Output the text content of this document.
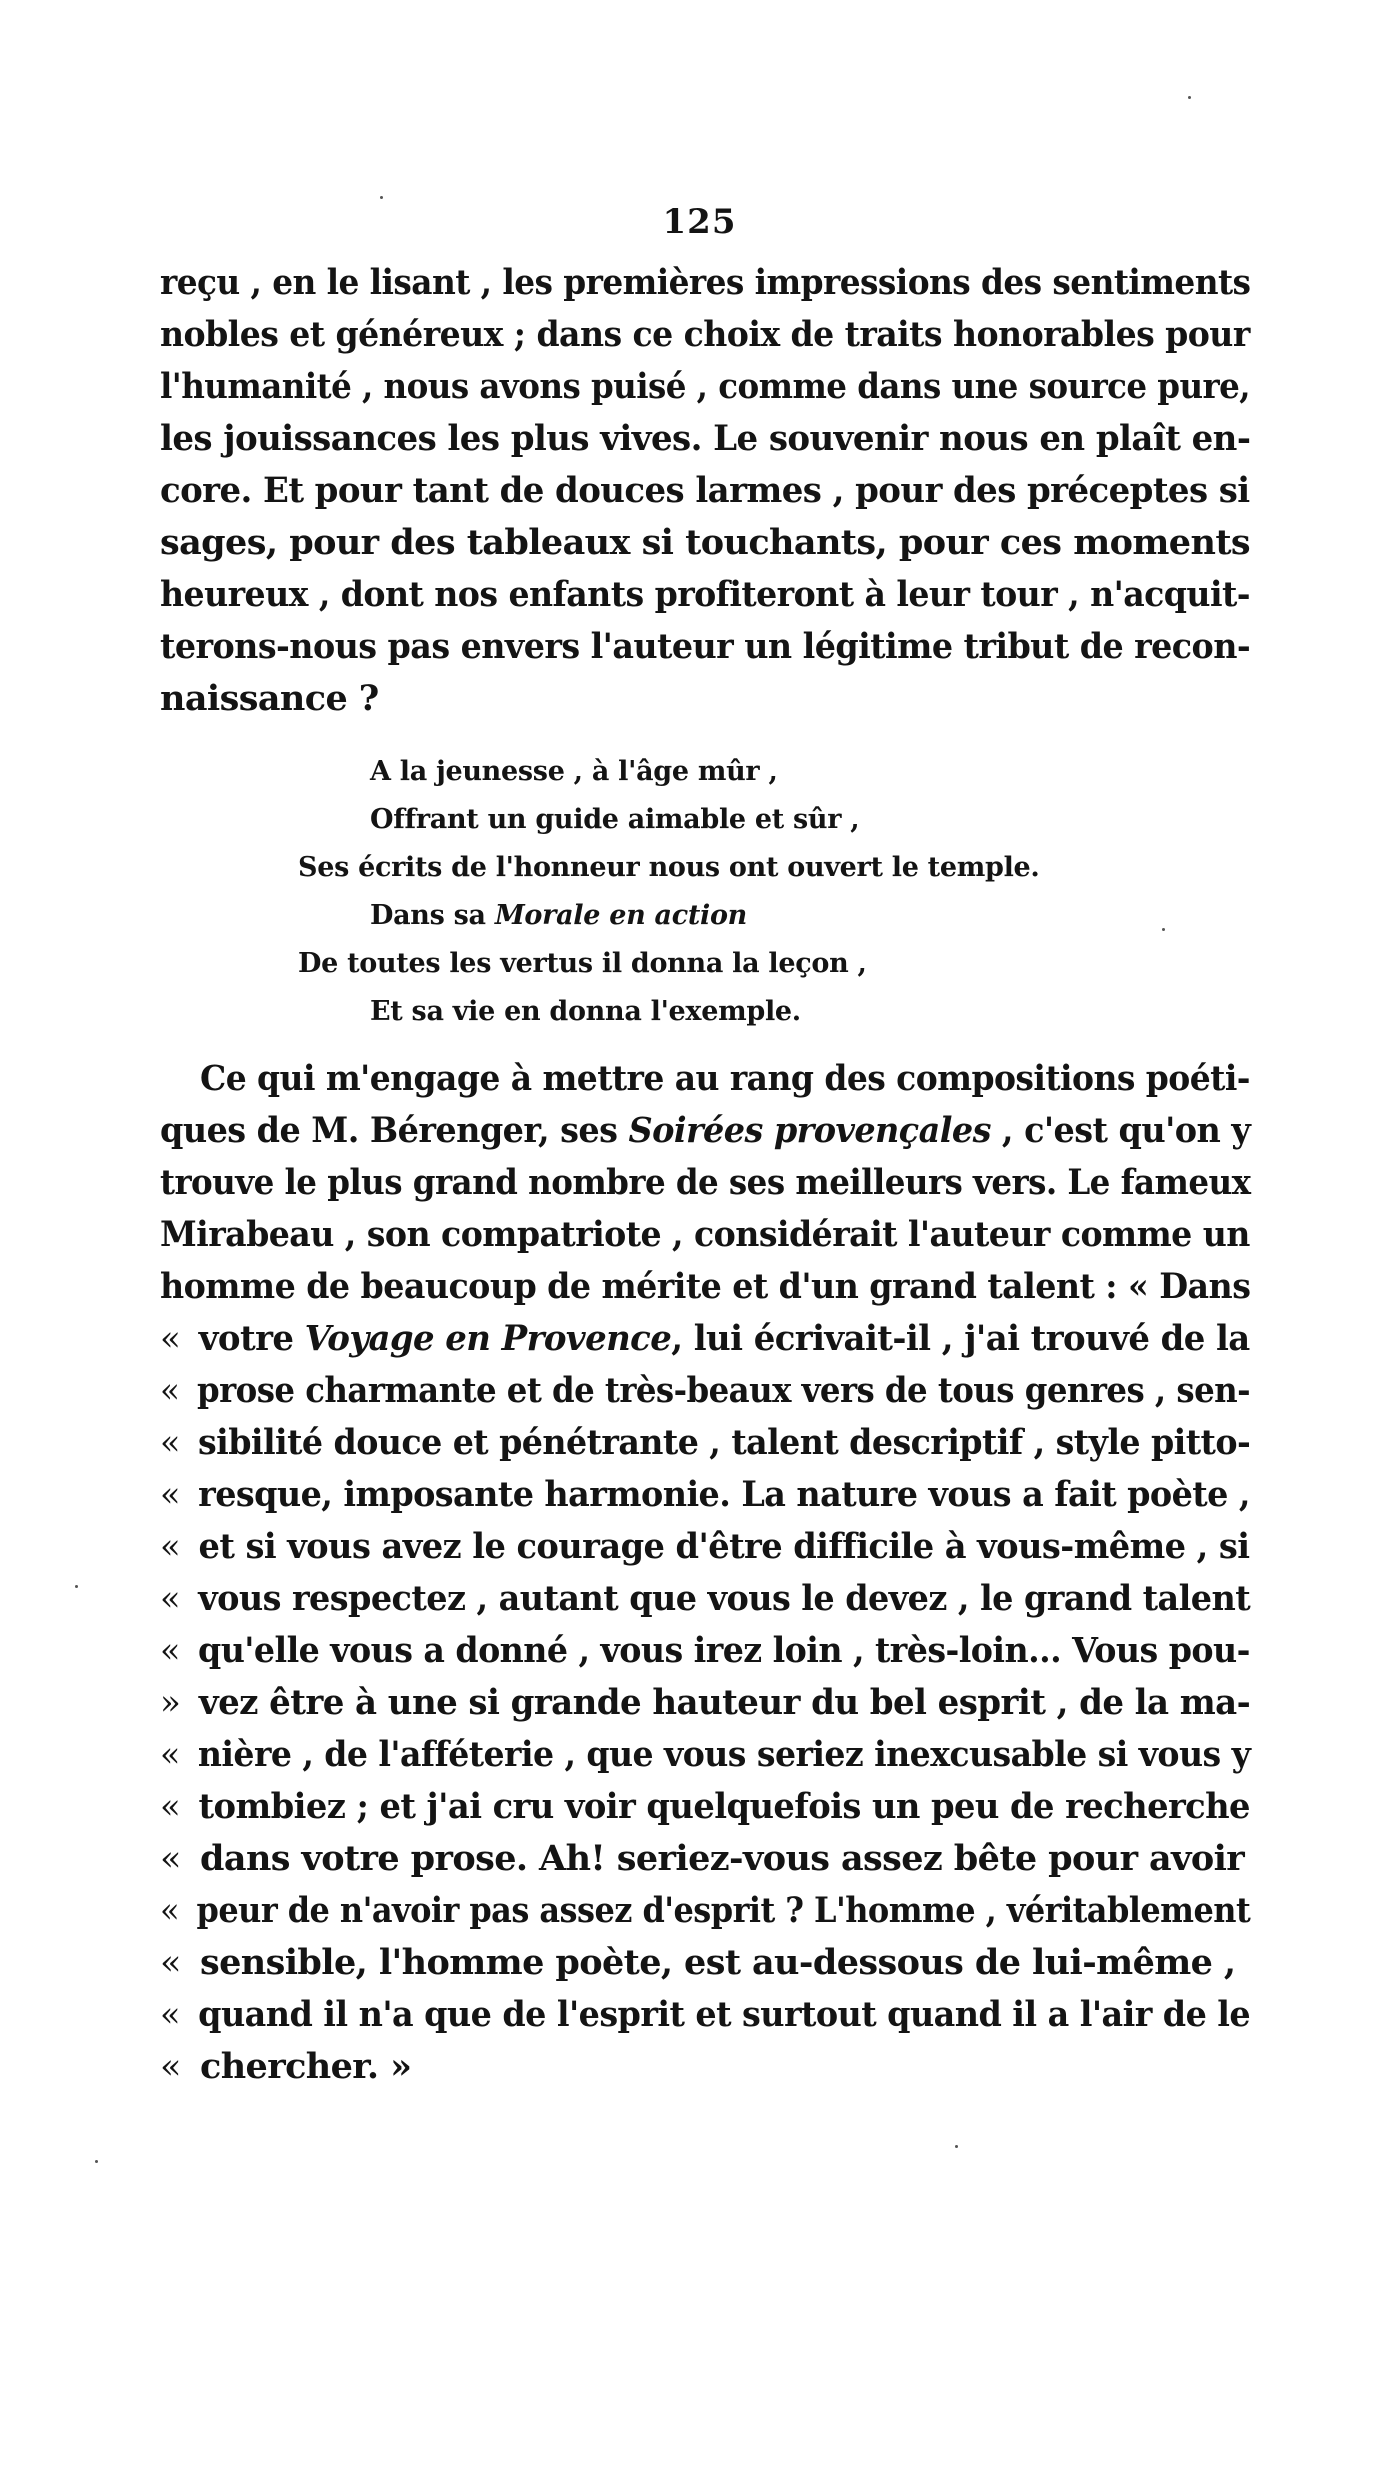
125
reçu , en le lisant , les premières impressions des sentiments
nobles et généreux ; dans ce choix de traits honorables pour
l'humanité , nous avons puisé , comme dans une source pure,
les jouissances les plus vives. Le souvenir nous en plaît en-
core. Et pour tant de douces larmes , pour des préceptes si
sages, pour des tableaux si touchants, pour ces moments
heureux , dont nos enfants profiteront à leur tour , n'acquit-
terons-nous pas envers l'auteur un légitime tribut de recon-
naissance ?
A la jeunesse , à l'âge mûr ,
Offrant un guide aimable et sûr ,
Ses écrits de l'honneur nous ont ouvert le temple.
Dans sa Morale en action
De toutes les vertus il donna la leçon ,
Et sa vie en donna l'exemple.
Ce qui m'engage à mettre au rang des compositions poéti-
ques de M. Bérenger, ses Soirées provençales , c'est qu'on y
trouve le plus grand nombre de ses meilleurs vers. Le fameux
Mirabeau , son compatriote , considérait l'auteur comme un
homme de beaucoup de mérite et d'un grand talent : « Dans
« votre Voyage en Provence, lui écrivait-il , j'ai trouvé de la
« prose charmante et de très-beaux vers de tous genres , sen-
« sibilité douce et pénétrante , talent descriptif , style pitto-
« resque, imposante harmonie. La nature vous a fait poète ,
« et si vous avez le courage d'être difficile à vous-même , si
« vous respectez , autant que vous le devez , le grand talent
« qu'elle vous a donné , vous irez loin , très-loin... Vous pou-
» vez être à une si grande hauteur du bel esprit , de la ma-
« nière , de l'afféterie , que vous seriez inexcusable si vous y
« tombiez ; et j'ai cru voir quelquefois un peu de recherche
« dans votre prose. Ah! seriez-vous assez bête pour avoir
« peur de n'avoir pas assez d'esprit ? L'homme , véritablement
« sensible, l'homme poète, est au-dessous de lui-même ,
« quand il n'a que de l'esprit et surtout quand il a l'air de le
« chercher. »
